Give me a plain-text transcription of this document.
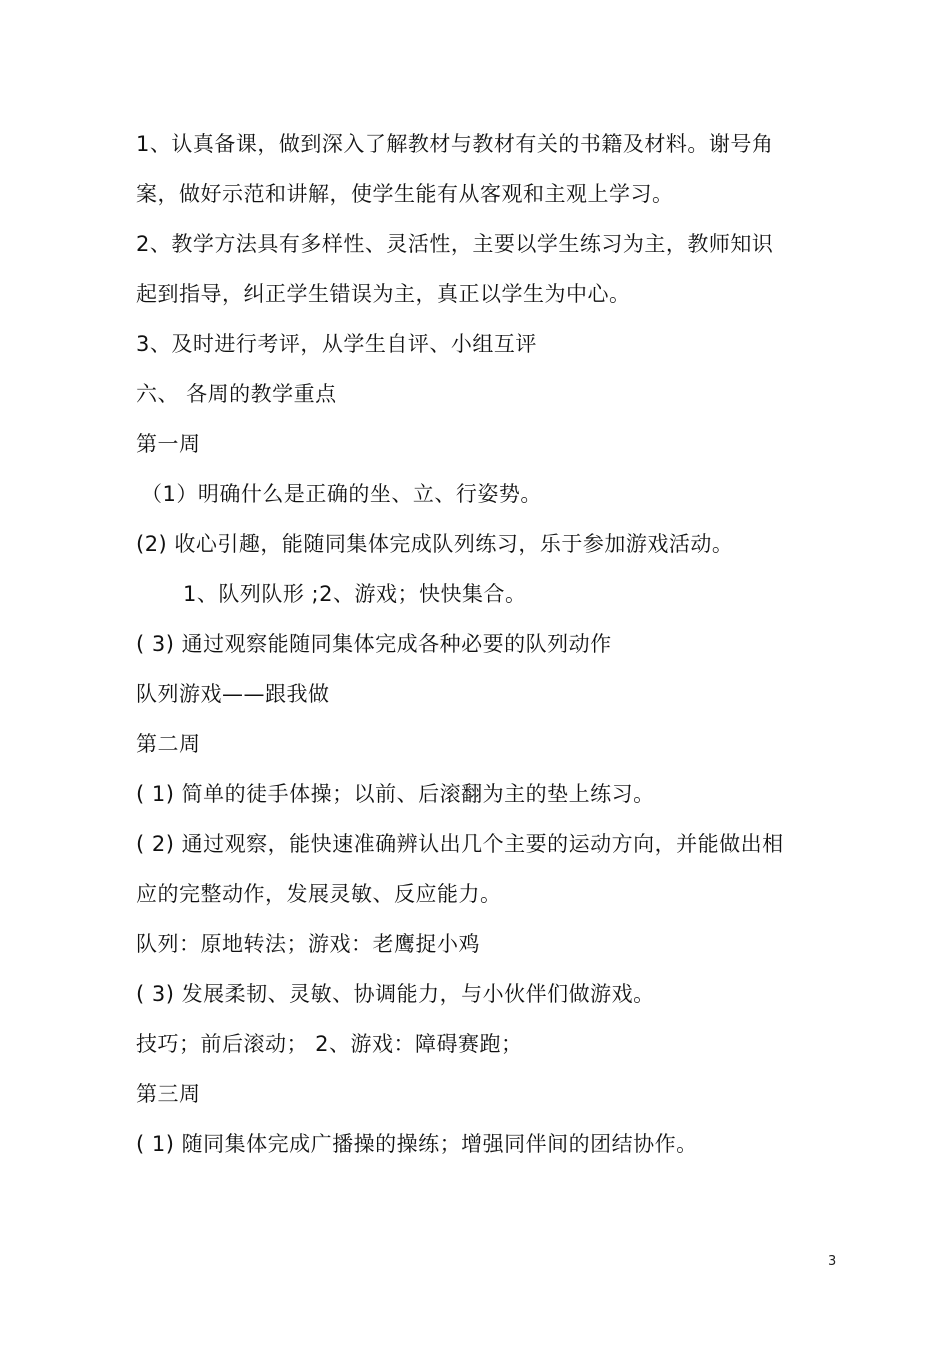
1、认真备课，做到深入了解教材与教材有关的书籍及材料。谢号角
案，做好示范和讲解，使学生能有从客观和主观上学习。
2、教学方法具有多样性、灵活性，主要以学生练习为主，教师知识
起到指导，纠正学生错误为主，真正以学生为中心。
3、及时进行考评，从学生自评、小组互评
六、 各周的教学重点
第一周
（1）明确什么是正确的坐、立、行姿势。
(2) 收心引趣，能随同集体完成队列练习，乐于参加游戏活动。
1、队列队形 ;2、游戏；快快集合。
( 3) 通过观察能随同集体完成各种必要的队列动作
队列游戏——跟我做
第二周
( 1) 简单的徒手体操；以前、后滚翻为主的垫上练习。
( 2) 通过观察，能快速准确辨认出几个主要的运动方向，并能做出相
应的完整动作，发展灵敏、反应能力。
队列：原地转法；游戏：老鹰捉小鸡
( 3) 发展柔韧、灵敏、协调能力，与小伙伴们做游戏。
技巧；前后滚动； 2、游戏：障碍赛跑；
第三周
( 1) 随同集体完成广播操的操练；增强同伴间的团结协作。
3
